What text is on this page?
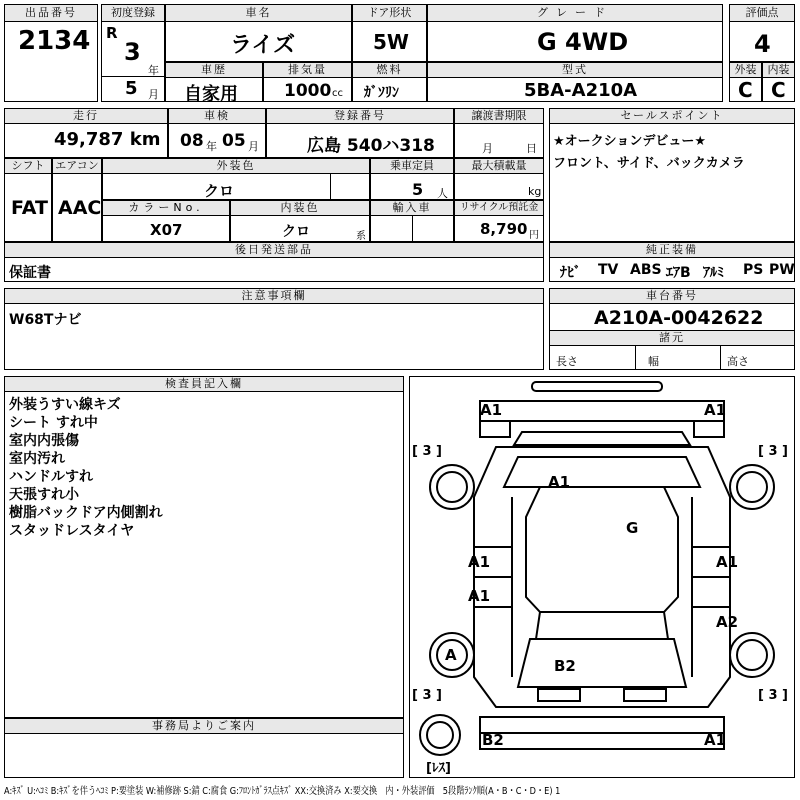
出品番号
2134
初度登録
R
3
年
5 月
車名
ライズ
ドア形状
5W
グレード
G 4WD
評価点
4
車歴
自家用
排気量
1000 cc
燃料
ｶﾞｿﾘﾝ
型式
5BA-A210A
外装
C
内装
C
走行
49,787 km
車検
08 年 05 月
登録番号
広島 540ハ318
譲渡書期限
月	日
セールスポイント
★オークションデビュー★
フロント、サイド、バックカメラ
シフト
FAT
エアコン
AAC
外装色
クロ
乗車定員
5 人
最大積載量
kg
カラーNo.
X07
内装色
クロ	系
輸入車	リサイクル預託金
8,790 円
後日発送部品
保証書
純正装備
ﾅﾋﾞ TV ABS ｴｱB ｱﾙﾐ PS PW
注意事項欄
W68Tナビ
車台番号
A210A-0042622
諸元
長さ	幅	高さ
検査員記入欄
外装うすい線キズ
シート すれ中
室内内張傷
室内汚れ
ハンドルすれ
天張すれ小
樹脂バックドア内側割れ
スタッドレスタイヤ
事務局よりご案内
A1	A1
A1
G
A1	A1
A1
A2
A
B2
B2	A1
[ 3 ]	[ 3 ]
[ 3 ]	[ 3 ]
[ﾚｽ]
A:ｷｽﾞ U:ﾍｺﾐ B:ｷｽﾞを伴うﾍｺﾐ P:要塗装 W:補修跡 S:錆 C:腐食 G:ﾌﾛﾝﾄｶﾞﾗｽ点ｷｽﾞ XX:交換済み X:要交換　内・外装評価　5段階ﾗﾝｸ順(A・B・C・D・E) 1
